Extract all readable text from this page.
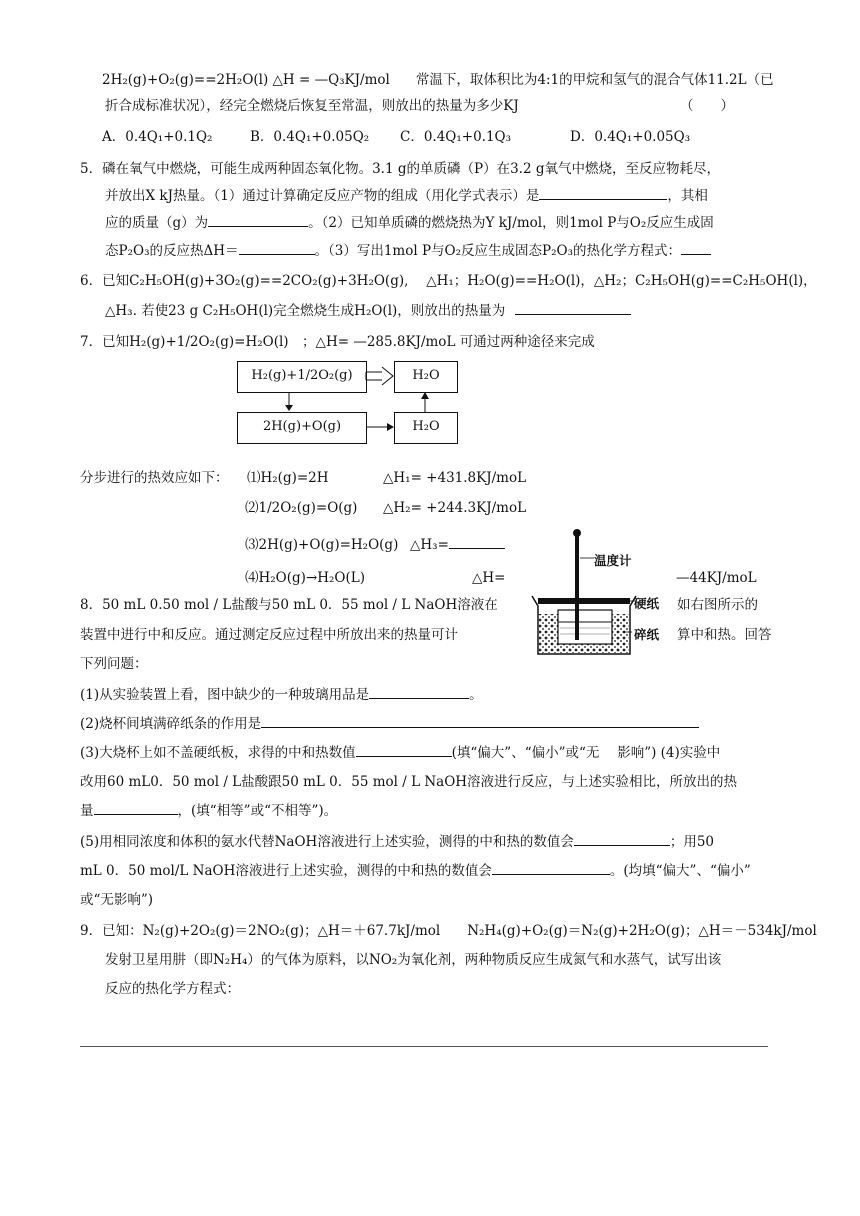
2H₂(g)+O₂(g)==2H₂O(l) △H = —Q₃KJ/mol 常温下，取体积比为4:1的甲烷和氢气的混合气体11.2L（已
折合成标准状况），经完全燃烧后恢复至常温，则放出的热量为多少KJ	（　　）
A．0.4Q₁+0.1Q₂	B．0.4Q₁+0.05Q₂ C．0.4Q₁+0.1Q₃	D．0.4Q₁+0.05Q₃
5．磷在氧气中燃烧，可能生成两种固态氧化物。3.1 g的单质磷（P）在3.2 g氧气中燃烧，至反应物耗尽，
并放出X kJ热量。（1）通过计算确定反应产物的组成（用化学式表示）是	，其相
应的质量（g）为	。（2）已知单质磷的燃烧热为Y kJ/mol，则1mol P与O₂反应生成固
态P₂O₃的反应热ΔH＝	。（3）写出1mol P与O₂反应生成固态P₂O₃的热化学方程式：
6．已知C₂H₅OH(g)+3O₂(g)==2CO₂(g)+3H₂O(g),　 △H₁；H₂O(g)==H₂O(l)，△H₂；C₂H₅OH(g)==C₂H₅OH(l)，
△H₃. 若使23 g C₂H₅OH(l)完全燃烧生成H₂O(l)，则放出的热量为
7．已知H₂(g)+1/2O₂(g)=H₂O(l)　；△H= —285.8KJ/moL 可通过两种途径来完成
H₂(g)+1/2O₂(g)	H₂O
2H(g)+O(g)	H₂O
分步进行的热效应如下： ⑴H₂(g)=2H	△H₁= +431.8KJ/moL
⑵1/2O₂(g)=O(g) △H₂= +244.3KJ/moL
⑶2H(g)+O(g)=H₂O(g) △H₃=
⑷H₂O(g)→H₂O(L)	△H=	—44KJ/moL
温度计
硬纸
碎纸
8．50 mL 0.50 mol / L盐酸与50 mL 0．55 mol / L NaOH溶液在	如右图所示的
装置中进行中和反应。通过测定反应过程中所放出来的热量可计	算中和热。回答
下列问题：
(1)从实验装置上看，图中缺少的一种玻璃用品是	。
(2)烧杯间填满碎纸条的作用是
(3)大烧杯上如不盖硬纸板，求得的中和热数值	(填“偏大”、“偏小”或“无　 影响”) (4)实验中
改用60 mL0．50 mol / L盐酸跟50 mL 0．55 mol / L NaOH溶液进行反应，与上述实验相比，所放出的热
量	，(填“相等”或“不相等”)。
(5)用相同浓度和体积的氨水代替NaOH溶液进行上述实验，测得的中和热的数值会	；用50
mL 0．50 mol/L NaOH溶液进行上述实验，测得的中和热的数值会	。(均填“偏大”、“偏小”
或“无影响”)
9．已知：N₂(g)+2O₂(g)＝2NO₂(g)；△H＝＋67.7kJ/mol　　N₂H₄(g)+O₂(g)＝N₂(g)+2H₂O(g)；△H＝－534kJ/mol
发射卫星用肼（即N₂H₄）的气体为原料，以NO₂为氧化剂，两种物质反应生成氮气和水蒸气，试写出该
反应的热化学方程式：
